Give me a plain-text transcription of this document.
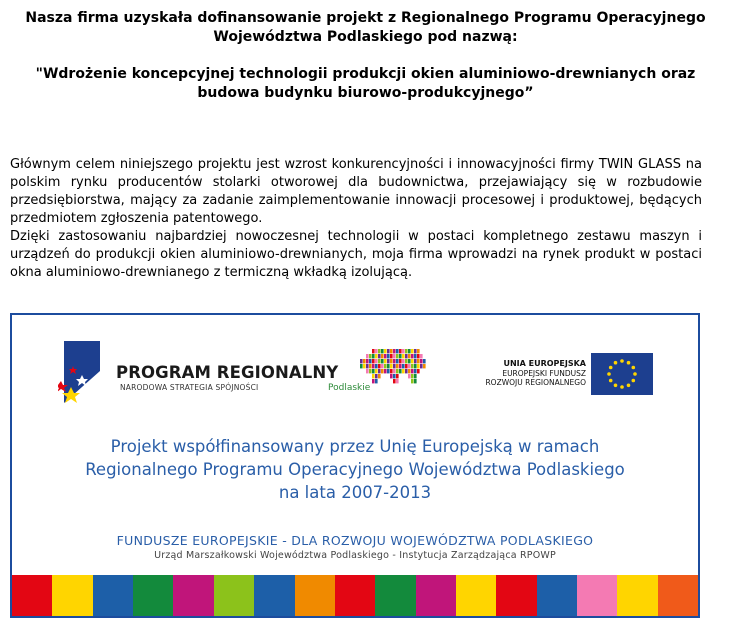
Nasza firma uzyskała dofinansowanie projekt z Regionalnego Programu Operacyjnego
Województwa Podlaskiego pod nazwą:
"Wdrożenie koncepcyjnej technologii produkcji okien aluminiowo-drewnianych oraz
budowa budynku biurowo-produkcyjnego”

Głównym celem niniejszego projektu jest wzrost konkurencyjności i innowacyjności firmy TWIN GLASS na polskim rynku producentów stolarki otworowej dla budownictwa, przejawiający się w rozbudowie przedsiębiorstwa, mający za zadanie zaimplementowanie innowacji procesowej i produktowej, będących przedmiotem zgłoszenia patentowego.

Dzięki zastosowaniu najbardziej nowoczesnej technologii w postaci kompletnego zestawu maszyn i urządzeń do produkcji okien aluminiowo-drewnianych, moja firma wprowadzi na rynek produkt w postaci okna aluminiowo-drewnianego z termiczną wkładką izolującą.

PROGRAM REGIONALNY
NARODOWA STRATEGIA SPÓJNOŚCI	Podlaskie
UNIA EUROPEJSKA
EUROPEJSKI FUNDUSZ
ROZWOJU REGIONALNEGO
Projekt współfinansowany przez Unię Europejską w ramach
Regionalnego Programu Operacyjnego Województwa Podlaskiego
na lata 2007-2013
FUNDUSZE EUROPEJSKIE - DLA ROZWOJU WOJEWÓDZTWA PODLASKIEGO
Urząd Marszałkowski Województwa Podlaskiego - Instytucja Zarządzająca RPOWP
